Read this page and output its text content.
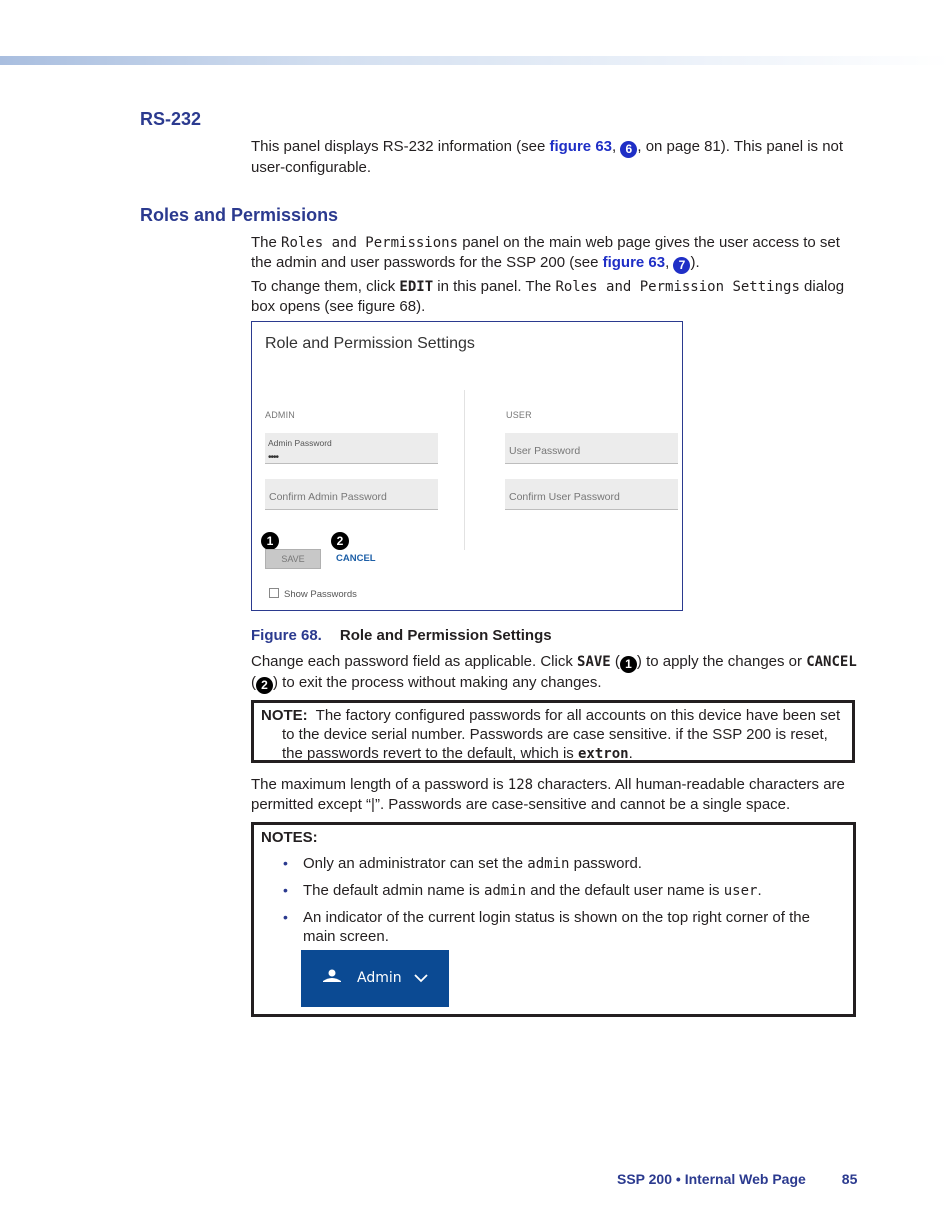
RS-232

This panel displays RS-232 information (see figure 63, 6 , on page 81). This panel is not user-configurable.

Roles and Permissions

The Roles and Permissions panel on the main web page gives the user access to set the admin and user passwords for the SSP 200 (see figure 63, 7 ).

To change them, click EDIT in this panel. The Roles and Permission Settings dialog box opens (see figure 68).

Role and Permission Settings
ADMIN	USER
Admin Password
••••
Confirm Admin Password
User Password
Confirm User Password
1	2
SAVE	CANCEL
Show Passwords
Figure 68. Role and Permission Settings

Change each password field as applicable. Click SAVE ( 1 ) to apply the changes or CANCEL ( 2 ) to exit the process without making any changes.

NOTE: The factory configured passwords for all accounts on this device have been set to the device serial number. Passwords are case sensitive. if the SSP 200 is reset, the passwords revert to the default, which is extron.

The maximum length of a password is 128 characters. All human-readable characters are permitted except “|”. Passwords are case-sensitive and cannot be a single space.

NOTES:
• Only an administrator can set the admin password.
• The default admin name is admin and the default user name is user.
• An indicator of the current login status is shown on the top right corner of the main screen.
Admin
SSP 200 • Internal Web Page	85
